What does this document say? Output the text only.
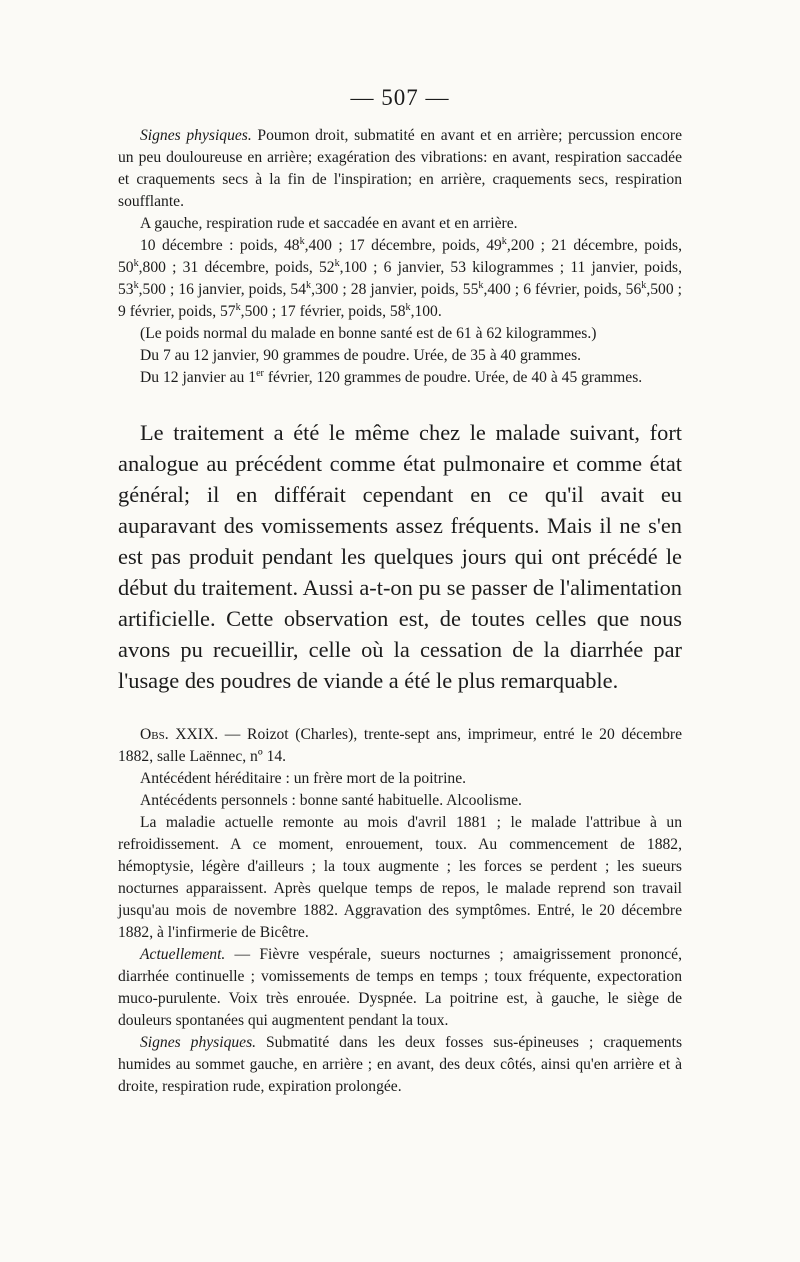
— 507 —

Signes physiques. Poumon droit, submatité en avant et en arrière; percussion encore un peu douloureuse en arrière; exagération des vibrations: en avant, respiration saccadée et craquements secs à la fin de l'inspiration; en arrière, craquements secs, respiration soufflante.

A gauche, respiration rude et saccadée en avant et en arrière.

10 décembre : poids, 48$^k$,400 ; 17 décembre, poids, 49$^k$,200 ; 21 décembre, poids, 50$^k$,800 ; 31 décembre, poids, 52$^k$,100 ; 6 janvier, 53 kilogrammes ; 11 janvier, poids, 53$^k$,500 ; 16 janvier, poids, 54$^k$,300 ; 28 janvier, poids, 55$^k$,400 ; 6 février, poids, 56$^k$,500 ; 9 février, poids, 57$^k$,500 ; 17 février, poids, 58$^k$,100.

(Le poids normal du malade en bonne santé est de 61 à 62 kilogrammes.)

Du 7 au 12 janvier, 90 grammes de poudre. Urée, de 35 à 40 grammes.

Du 12 janvier au 1er février, 120 grammes de poudre. Urée, de 40 à 45 grammes.

Le traitement a été le même chez le malade suivant, fort analogue au précédent comme état pulmonaire et comme état général; il en différait cependant en ce qu'il avait eu auparavant des vomissements assez fréquents. Mais il ne s'en est pas produit pendant les quelques jours qui ont précédé le début du traitement. Aussi a-t-on pu se passer de l'alimentation artificielle. Cette observation est, de toutes celles que nous avons pu recueillir, celle où la cessation de la diarrhée par l'usage des poudres de viande a été le plus remarquable.

Obs. XXIX. — Roizot (Charles), trente-sept ans, imprimeur, entré le 20 décembre 1882, salle Laënnec, nº 14.

Antécédent héréditaire : un frère mort de la poitrine.

Antécédents personnels : bonne santé habituelle. Alcoolisme.

La maladie actuelle remonte au mois d'avril 1881 ; le malade l'attribue à un refroidissement. A ce moment, enrouement, toux. Au commencement de 1882, hémoptysie, légère d'ailleurs ; la toux augmente ; les forces se perdent ; les sueurs nocturnes apparaissent. Après quelque temps de repos, le malade reprend son travail jusqu'au mois de novembre 1882. Aggravation des symptômes. Entré, le 20 décembre 1882, à l'infirmerie de Bicêtre.

Actuellement. — Fièvre vespérale, sueurs nocturnes ; amaigrissement prononcé, diarrhée continuelle ; vomissements de temps en temps ; toux fréquente, expectoration muco-purulente. Voix très enrouée. Dyspnée. La poitrine est, à gauche, le siège de douleurs spontanées qui augmentent pendant la toux.

Signes physiques. Submatité dans les deux fosses sus-épineuses ; craquements humides au sommet gauche, en arrière ; en avant, des deux côtés, ainsi qu'en arrière et à droite, respiration rude, expiration prolongée.
